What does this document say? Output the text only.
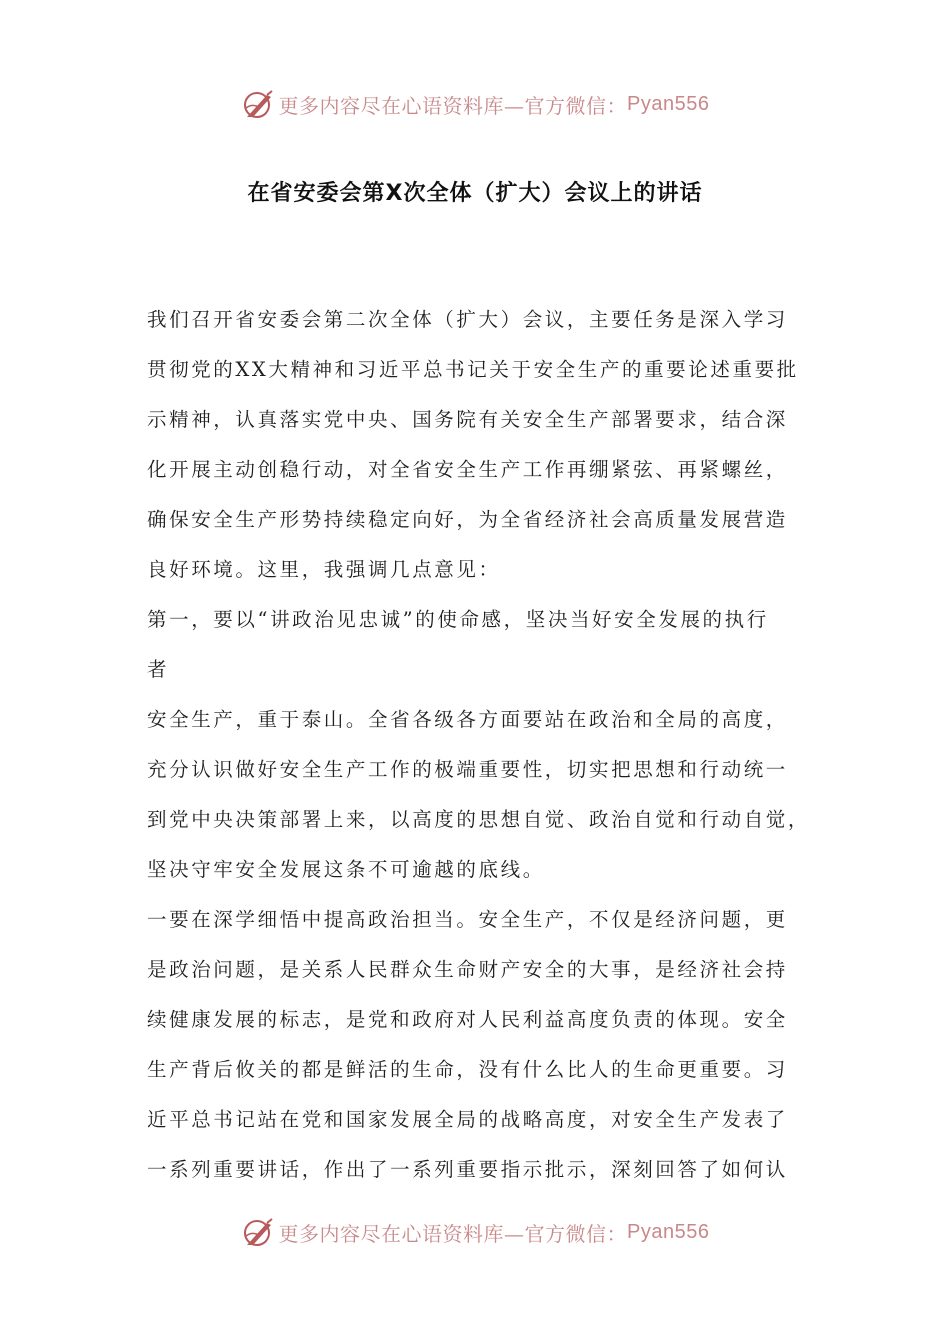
更多内容尽在心语资料库—官方微信： Pyan556
在省安委会第X次全体（扩大）会议上的讲话
我们召开省安委会第二次全体（扩大）会议，主要任务是深入学习
贯彻党的XX大精神和习近平总书记关于安全生产的重要论述重要批
示精神，认真落实党中央、国务院有关安全生产部署要求，结合深
化开展主动创稳行动，对全省安全生产工作再绷紧弦、再紧螺丝，
确保安全生产形势持续稳定向好，为全省经济社会高质量发展营造
良好环境。这里，我强调几点意见：
第一，要以“讲政治见忠诚”的使命感，坚决当好安全发展的执行
者
安全生产，重于泰山。全省各级各方面要站在政治和全局的高度，
充分认识做好安全生产工作的极端重要性，切实把思想和行动统一
到党中央决策部署上来，以高度的思想自觉、政治自觉和行动自觉，
坚决守牢安全发展这条不可逾越的底线。
一要在深学细悟中提高政治担当。安全生产，不仅是经济问题，更
是政治问题，是关系人民群众生命财产安全的大事，是经济社会持
续健康发展的标志，是党和政府对人民利益高度负责的体现。安全
生产背后攸关的都是鲜活的生命，没有什么比人的生命更重要。习
近平总书记站在党和国家发展全局的战略高度，对安全生产发表了
一系列重要讲话，作出了一系列重要指示批示，深刻回答了如何认
更多内容尽在心语资料库—官方微信： Pyan556
